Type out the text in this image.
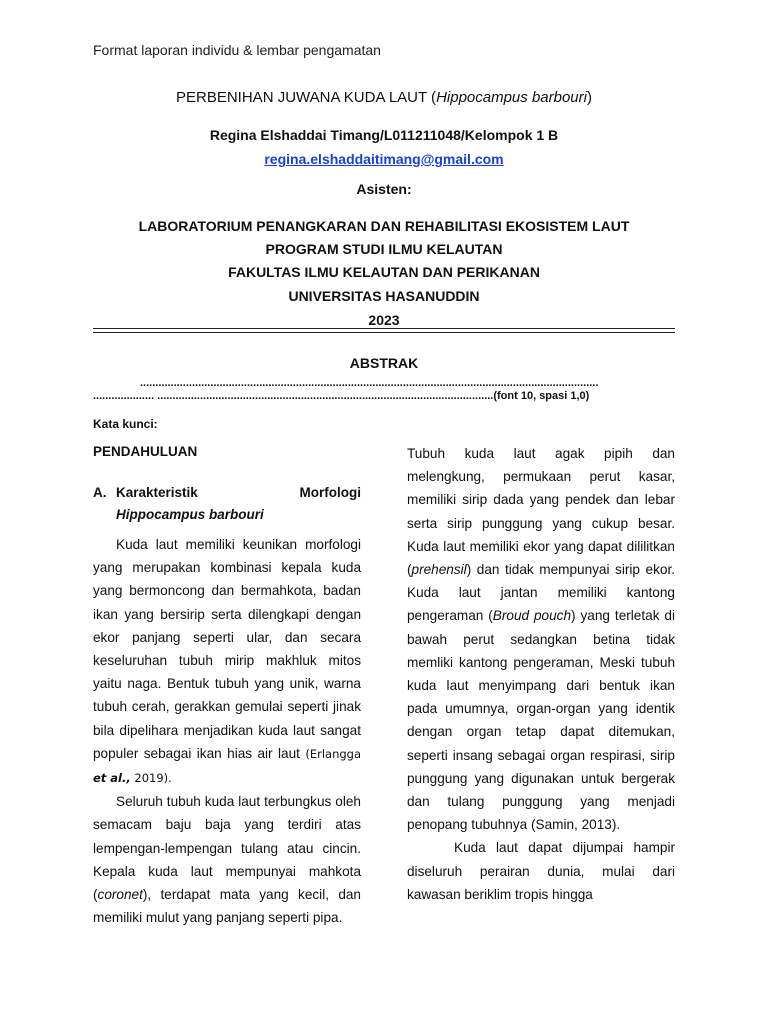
Format laporan individu & lembar pengamatan
PERBENIHAN JUWANA KUDA LAUT (Hippocampus barbouri)
Regina Elshaddai Timang/L011211048/Kelompok 1 B
regina.elshaddaitimang@gmail.com
Asisten:
LABORATORIUM PENANGKARAN DAN REHABILITASI EKOSISTEM LAUT
PROGRAM STUDI ILMU KELAUTAN
FAKULTAS ILMU KELAUTAN DAN PERIKANAN
UNIVERSITAS HASANUDDIN
2023
ABSTRAK
......................................................................................................................................................
.................... ..............................................................................................................(font 10, spasi 1,0)
Kata kunci:
PENDAHULUAN
A. Karakteristik	Morfologi
Hippocampus barbouri

Kuda laut memiliki keunikan morfologi yang merupakan kombinasi kepala kuda yang bermoncong dan bermahkota, badan ikan yang bersirip serta dilengkapi dengan ekor panjang seperti ular, dan secara keseluruhan tubuh mirip makhluk mitos yaitu naga. Bentuk tubuh yang unik, warna tubuh cerah, gerakkan gemulai seperti jinak bila dipelihara menjadikan kuda laut sangat populer sebagai ikan hias air laut (Erlangga et al., 2019).

Seluruh tubuh kuda laut terbungkus oleh semacam baju baja yang terdiri atas lempengan-lempengan tulang atau cincin. Kepala kuda laut mempunyai mahkota (coronet), terdapat mata yang kecil, dan memiliki mulut yang panjang seperti pipa.

Tubuh kuda laut agak pipih dan melengkung, permukaan perut kasar, memiliki sirip dada yang pendek dan lebar serta sirip punggung yang cukup besar. Kuda laut memiliki ekor yang dapat dililitkan (prehensil) dan tidak mempunyai sirip ekor. Kuda laut jantan memiliki kantong pengeraman (Broud pouch) yang terletak di bawah perut sedangkan betina tidak memliki kantong pengeraman, Meski tubuh kuda laut menyimpang dari bentuk ikan pada umumnya, organ-organ yang identik dengan organ tetap dapat ditemukan, seperti insang sebagai organ respirasi, sirip punggung yang digunakan untuk bergerak dan tulang punggung yang menjadi penopang tubuhnya (Samin, 2013).

Kuda laut dapat dijumpai hampir diseluruh perairan dunia, mulai dari kawasan beriklim tropis hingga
